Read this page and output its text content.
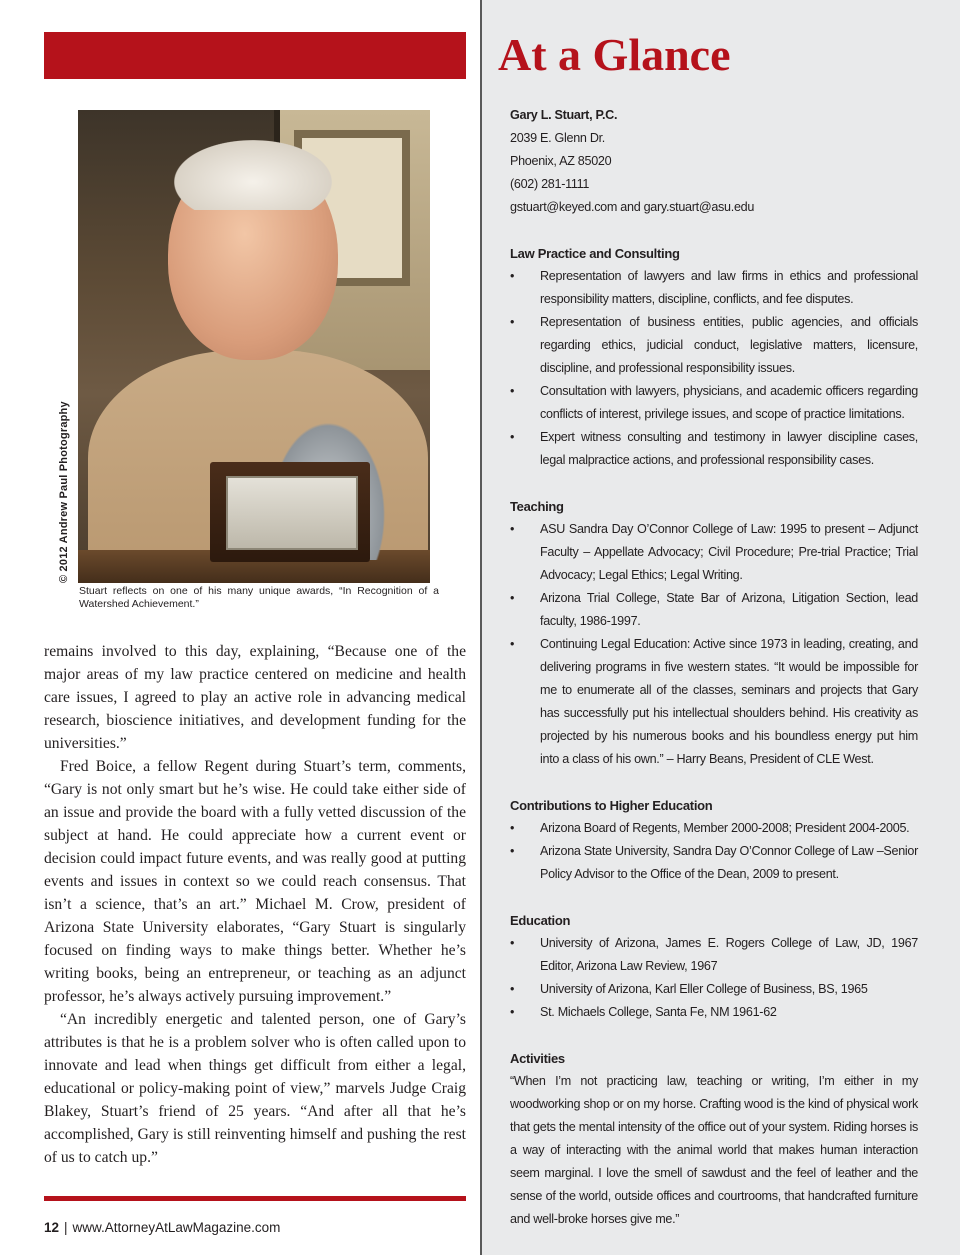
© 2012 Andrew Paul Photography

Stuart reflects on one of his many unique awards, “In Recognition of a Watershed Achievement.”

remains involved to this day, explaining, “Because one of the major areas of my law practice centered on medicine and health care issues, I agreed to play an active role in advancing medical research, bioscience initiatives, and development funding for the universities.”

Fred Boice, a fellow Regent during Stuart’s term, comments, “Gary is not only smart but he’s wise. He could take either side of an issue and provide the board with a fully vetted discussion of the subject at hand. He could appreciate how a current event or decision could impact future events, and was really good at putting events and issues in context so we could reach consensus. That isn’t a science, that’s an art.” Michael M. Crow, president of Arizona State University elaborates, “Gary Stuart is singularly focused on finding ways to make things better. Whether he’s writing books, being an entrepreneur, or teaching as an adjunct professor, he’s always actively pursuing improvement.”

“An incredibly energetic and talented person, one of Gary’s attributes is that he is a problem solver who is often called upon to innovate and lead when things get difficult from either a legal, educational or policy-making point of view,” marvels Judge Craig Blakey, Stuart’s friend of 25 years. “And after all that he’s accomplished, Gary is still reinventing himself and pushing the rest of us to catch up.”

12 | www.AttorneyAtLawMagazine.com
At a Glance
Gary L. Stuart, P.C.
2039 E. Glenn Dr.
Phoenix, AZ 85020
(602) 281-1111
gstuart@keyed.com and gary.stuart@asu.edu
Law Practice and Consulting
• Representation of lawyers and law firms in ethics and professional responsibility matters, discipline, conflicts, and fee disputes.
• Representation of business entities, public agencies, and officials regarding ethics, judicial conduct, legislative matters, licensure, discipline, and professional responsibility issues.
• Consultation with lawyers, physicians, and academic officers regarding conflicts of interest, privilege issues, and scope of practice limitations.
• Expert witness consulting and testimony in lawyer discipline cases, legal malpractice actions, and professional responsibility cases.
Teaching
• ASU Sandra Day O’Connor College of Law: 1995 to present – Adjunct Faculty – Appellate Advocacy; Civil Procedure; Pre-trial Practice; Trial Advocacy; Legal Ethics; Legal Writing.
• Arizona Trial College, State Bar of Arizona, Litigation Section, lead faculty, 1986-1997.
• Continuing Legal Education: Active since 1973 in leading, creating, and delivering programs in five western states. “It would be impossible for me to enumerate all of the classes, seminars and projects that Gary has successfully put his intellectual shoulders behind. His creativity as projected by his numerous books and his boundless energy put him into a class of his own.” – Harry Beans, President of CLE West.
Contributions to Higher Education
• Arizona Board of Regents, Member 2000-2008; President 2004-2005.
• Arizona State University, Sandra Day O’Connor College of Law –Senior Policy Advisor to the Office of the Dean, 2009 to present.
Education
• University of Arizona, James E. Rogers College of Law, JD, 1967 Editor, Arizona Law Review, 1967
• University of Arizona, Karl Eller College of Business, BS, 1965
• St. Michaels College, Santa Fe, NM 1961-62
Activities

“When I’m not practicing law, teaching or writing, I’m either in my woodworking shop or on my horse. Crafting wood is the kind of physical work that gets the mental intensity of the office out of your system. Riding horses is a way of interacting with the animal world that makes human interaction seem marginal. I love the smell of sawdust and the feel of leather and the sense of the world, outside offices and courtrooms, that handcrafted furniture and well-broke horses give me.”
